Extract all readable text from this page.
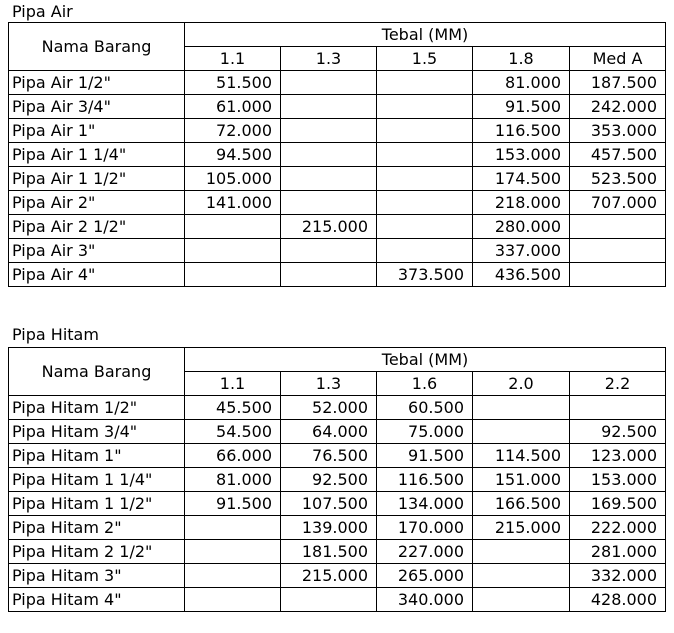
Pipa Air
Nama Barang	Tebal (MM)				
	1.1	1.3	1.5	1.8	Med A
Pipa Air 1/2"	51.500			81.000	187.500
Pipa Air 3/4"	61.000			91.500	242.000
Pipa Air 1"	72.000			116.500	353.000
Pipa Air 1 1/4"	94.500			153.000	457.500
Pipa Air 1 1/2"	105.000			174.500	523.500
Pipa Air 2"	141.000			218.000	707.000
Pipa Air 2 1/2"		215.000		280.000	
Pipa Air 3"				337.000	
Pipa Air 4"			373.500	436.500	
Pipa Hitam
Nama Barang	Tebal (MM)				
	1.1	1.3	1.6	2.0	2.2
Pipa Hitam 1/2"	45.500	52.000	60.500		
Pipa Hitam 3/4"	54.500	64.000	75.000		92.500
Pipa Hitam 1"	66.000	76.500	91.500	114.500	123.000
Pipa Hitam 1 1/4"	81.000	92.500	116.500	151.000	153.000
Pipa Hitam 1 1/2"	91.500	107.500	134.000	166.500	169.500
Pipa Hitam 2"		139.000	170.000	215.000	222.000
Pipa Hitam 2 1/2"		181.500	227.000		281.000
Pipa Hitam 3"		215.000	265.000		332.000
Pipa Hitam 4"			340.000		428.000
